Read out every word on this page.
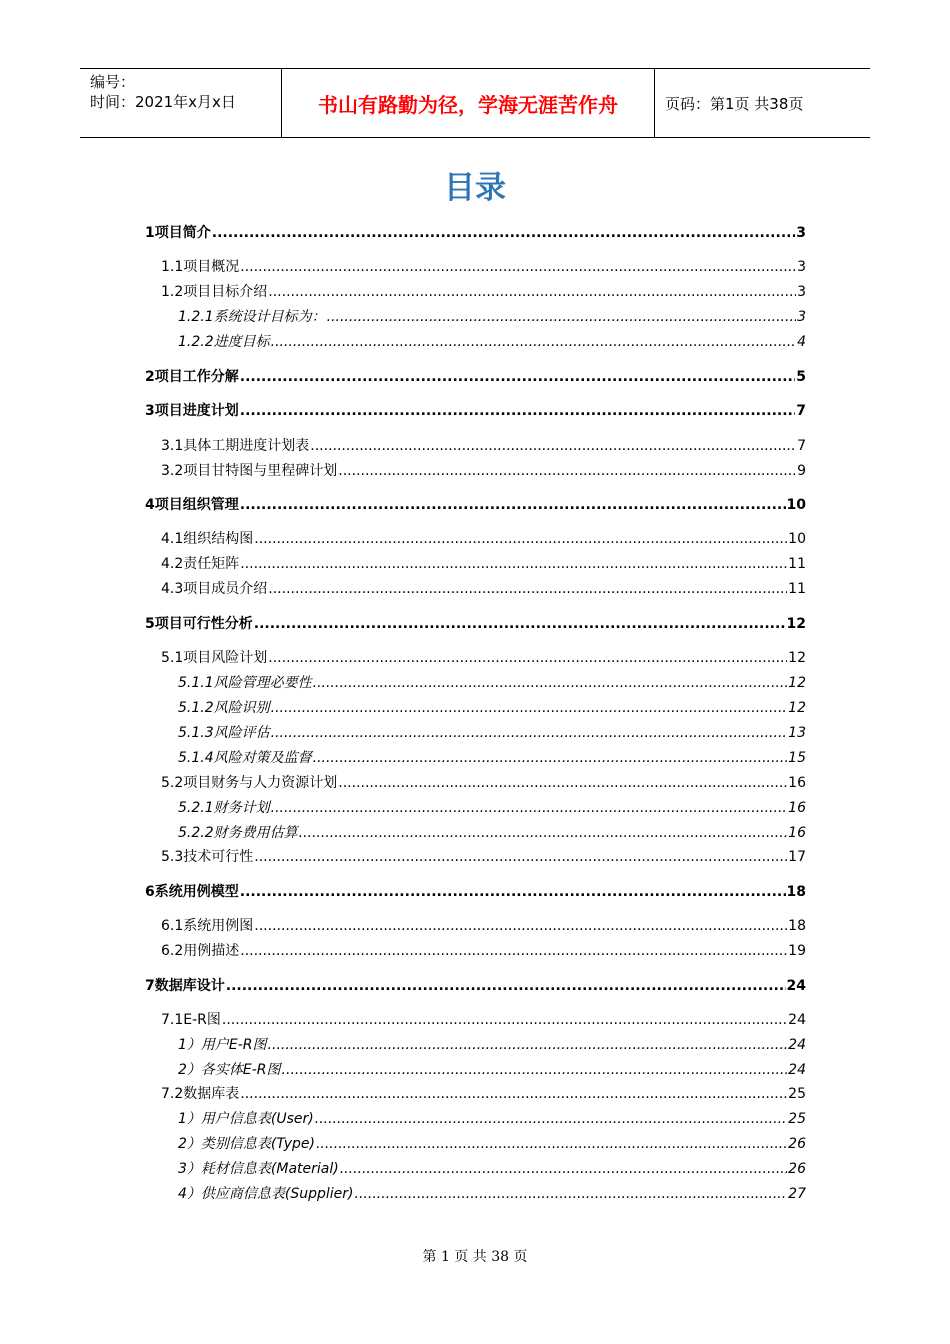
编号：
时间：2021年x月x日	书山有路勤为径，学海无涯苦作舟	页码：第1页 共38页
目录
1项目简介 .....	3
1.1项目概况 .....	3
1.2项目目标介绍 .....	3
1.2.1系统设计目标为： .....	3
1.2.2进度目标 .....	4
2项目工作分解 .....	5
3项目进度计划 .....	7
3.1具体工期进度计划表 .....	7
3.2项目甘特图与里程碑计划 .....	9
4项目组织管理 .....	10
4.1组织结构图 .....	10
4.2责任矩阵 .....	11
4.3项目成员介绍 .....	11
5项目可行性分析 .....	12
5.1项目风险计划 .....	12
5.1.1风险管理必要性 .....	12
5.1.2风险识别 .....	12
5.1.3风险评估 .....	13
5.1.4风险对策及监督 .....	15
5.2项目财务与人力资源计划 .....	16
5.2.1财务计划 .....	16
5.2.2财务费用估算 .....	16
5.3技术可行性 .....	17
6系统用例模型 .....	18
6.1系统用例图 .....	18
6.2用例描述 .....	19
7数据库设计 .....	24
7.1E-R图 .....	24
1）用户E-R图 .....	24
2）各实体E-R图 .....	24
7.2数据库表 .....	25
1）用户信息表(User) .....	25
2）类别信息表(Type) .....	26
3）耗材信息表(Material) .....	26
4）供应商信息表(Supplier) .....	27
第 1 页 共 38 页
